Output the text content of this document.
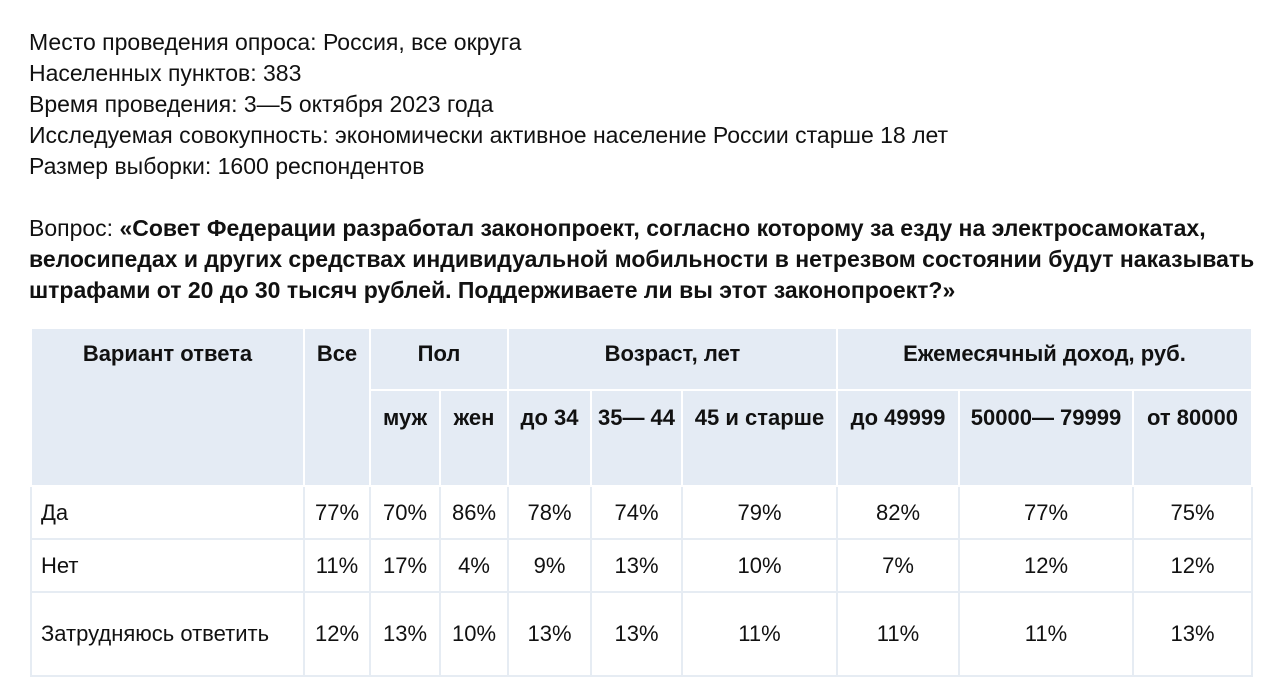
Место проведения опроса: Россия, все округа
Населенных пунктов: 383
Время проведения: 3—5 октября 2023 года
Исследуемая совокупность: экономически активное население России старше 18 лет
Размер выборки: 1600 респондентов
Вопрос: «Совет Федерации разработал законопроект, согласно которому за езду на электросамокатах, велосипедах и других средствах индивидуальной мобильности в нетрезвом состоянии будут наказывать штрафами от 20 до 30 тысяч рублей. Поддерживаете ли вы этот законопроект?»
Вариант ответа	Все	Пол		Возраст, лет			Ежемесячный доход, руб.		
		муж	жен	до 34	35— 44	45 и старше	до 49999	50000— 79999	от 80000
Да	77%	70%	86%	78%	74%	79%	82%	77%	75%
Нет	11%	17%	4%	9%	13%	10%	7%	12%	12%
Затрудняюсь ответить	12%	13%	10%	13%	13%	11%	11%	11%	13%
